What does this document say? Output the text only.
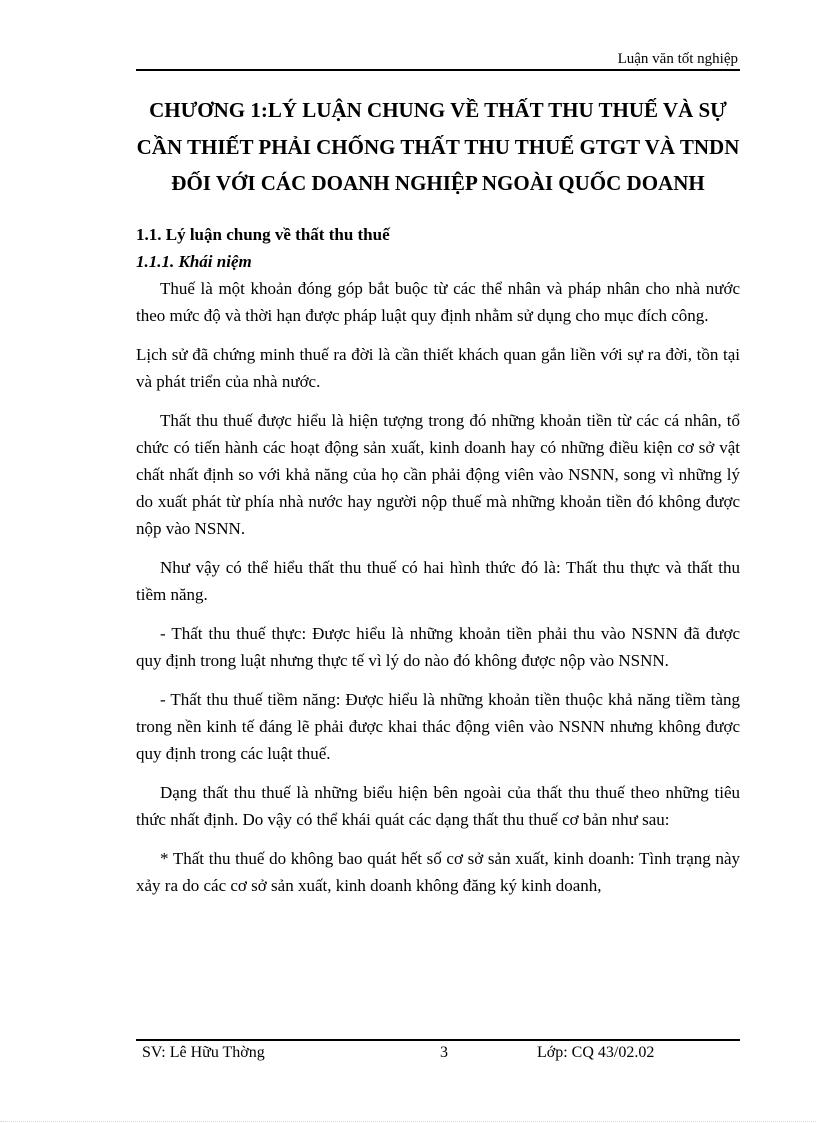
Luận văn tốt nghiệp
CHƯƠNG 1:LÝ LUẬN CHUNG VỀ THẤT THU THUẾ VÀ SỰ CẦN THIẾT PHẢI CHỐNG THẤT THU THUẾ GTGT VÀ TNDN ĐỐI VỚI CÁC DOANH NGHIỆP NGOÀI QUỐC DOANH

1.1. Lý luận chung về thất thu thuế

1.1.1. Khái niệm

Thuế là một khoản đóng góp bắt buộc từ các thể nhân và pháp nhân cho nhà nước theo mức độ và thời hạn được pháp luật quy định nhằm sử dụng cho mục đích công.

Lịch sử đã chứng minh thuế ra đời là cần thiết khách quan gắn liền với sự ra đời, tồn tại và phát triển của nhà nước.

Thất thu thuế được hiểu là hiện tượng trong đó những khoản tiền từ các cá nhân, tổ chức có tiến hành các hoạt động sản xuất, kinh doanh hay có những điều kiện cơ sở vật chất nhất định so với khả năng của họ cần phải động viên vào NSNN, song vì những lý do xuất phát từ phía nhà nước hay người nộp thuế mà những khoản tiền đó không được nộp vào NSNN.

Như vậy có thể hiểu thất thu thuế có hai hình thức đó là: Thất thu thực và thất thu tiềm năng.

- Thất thu thuế thực: Được hiểu là những khoản tiền phải thu vào NSNN đã được quy định trong luật nhưng thực tế vì lý do nào đó không được nộp vào NSNN.

- Thất thu thuế tiềm năng: Được hiểu là những khoản tiền thuộc khả năng tiềm tàng trong nền kinh tế đáng lẽ phải được khai thác động viên vào NSNN nhưng không được quy định trong các luật thuế.

Dạng thất thu thuế là những biểu hiện bên ngoài của thất thu thuế theo những tiêu thức nhất định. Do vậy có thể khái quát các dạng thất thu thuế cơ bản như sau:

* Thất thu thuế do không bao quát hết số cơ sở sản xuất, kinh doanh: Tình trạng này xảy ra do các cơ sở sản xuất, kinh doanh không đăng ký kinh doanh,

SV: Lê Hữu Thờng	3	Lớp: CQ 43/02.02
